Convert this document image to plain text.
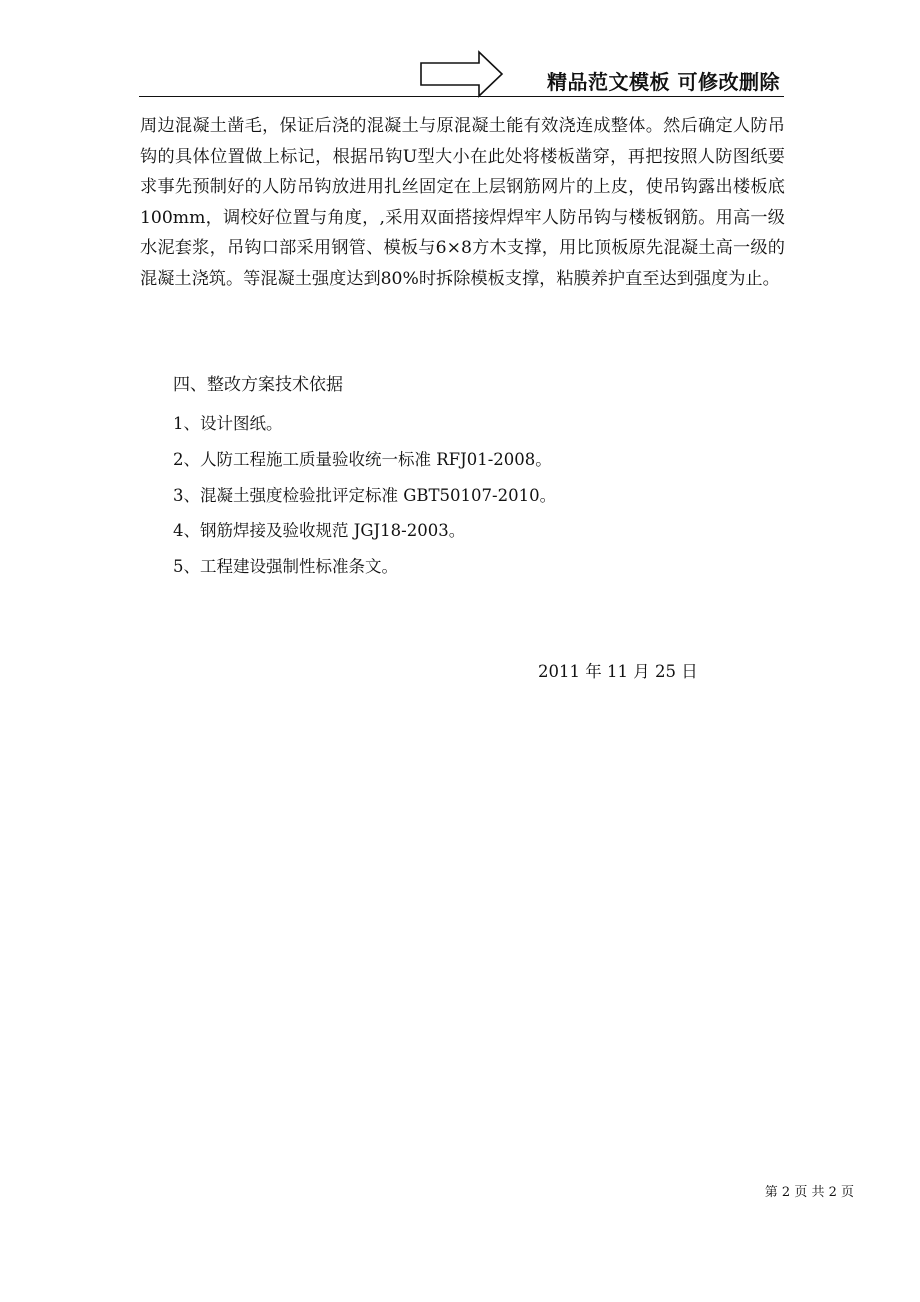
精品范文模板 可修改删除

周边混凝土凿毛，保证后浇的混凝土与原混凝土能有效浇连成整体。然后确定人防吊钩的具体位置做上标记，根据吊钩U型大小在此处将楼板凿穿，再把按照人防图纸要求事先预制好的人防吊钩放进用扎丝固定在上层钢筋网片的上皮，使吊钩露出楼板底100mm，调校好位置与角度，,采用双面搭接焊焊牢人防吊钩与楼板钢筋。用高一级水泥套浆，吊钩口部采用钢管、模板与6×8方木支撑，用比顶板原先混凝土高一级的混凝土浇筑。等混凝土强度达到80%时拆除模板支撑，粘膜养护直至达到强度为止。

四、整改方案技术依据
1、设计图纸。
2、人防工程施工质量验收统一标准 RFJ01-2008。
3、混凝土强度检验批评定标准 GBT50107-2010。
4、钢筋焊接及验收规范 JGJ18-2003。
5、工程建设强制性标准条文。
2011 年 11 月 25 日
第 2 页 共 2 页
